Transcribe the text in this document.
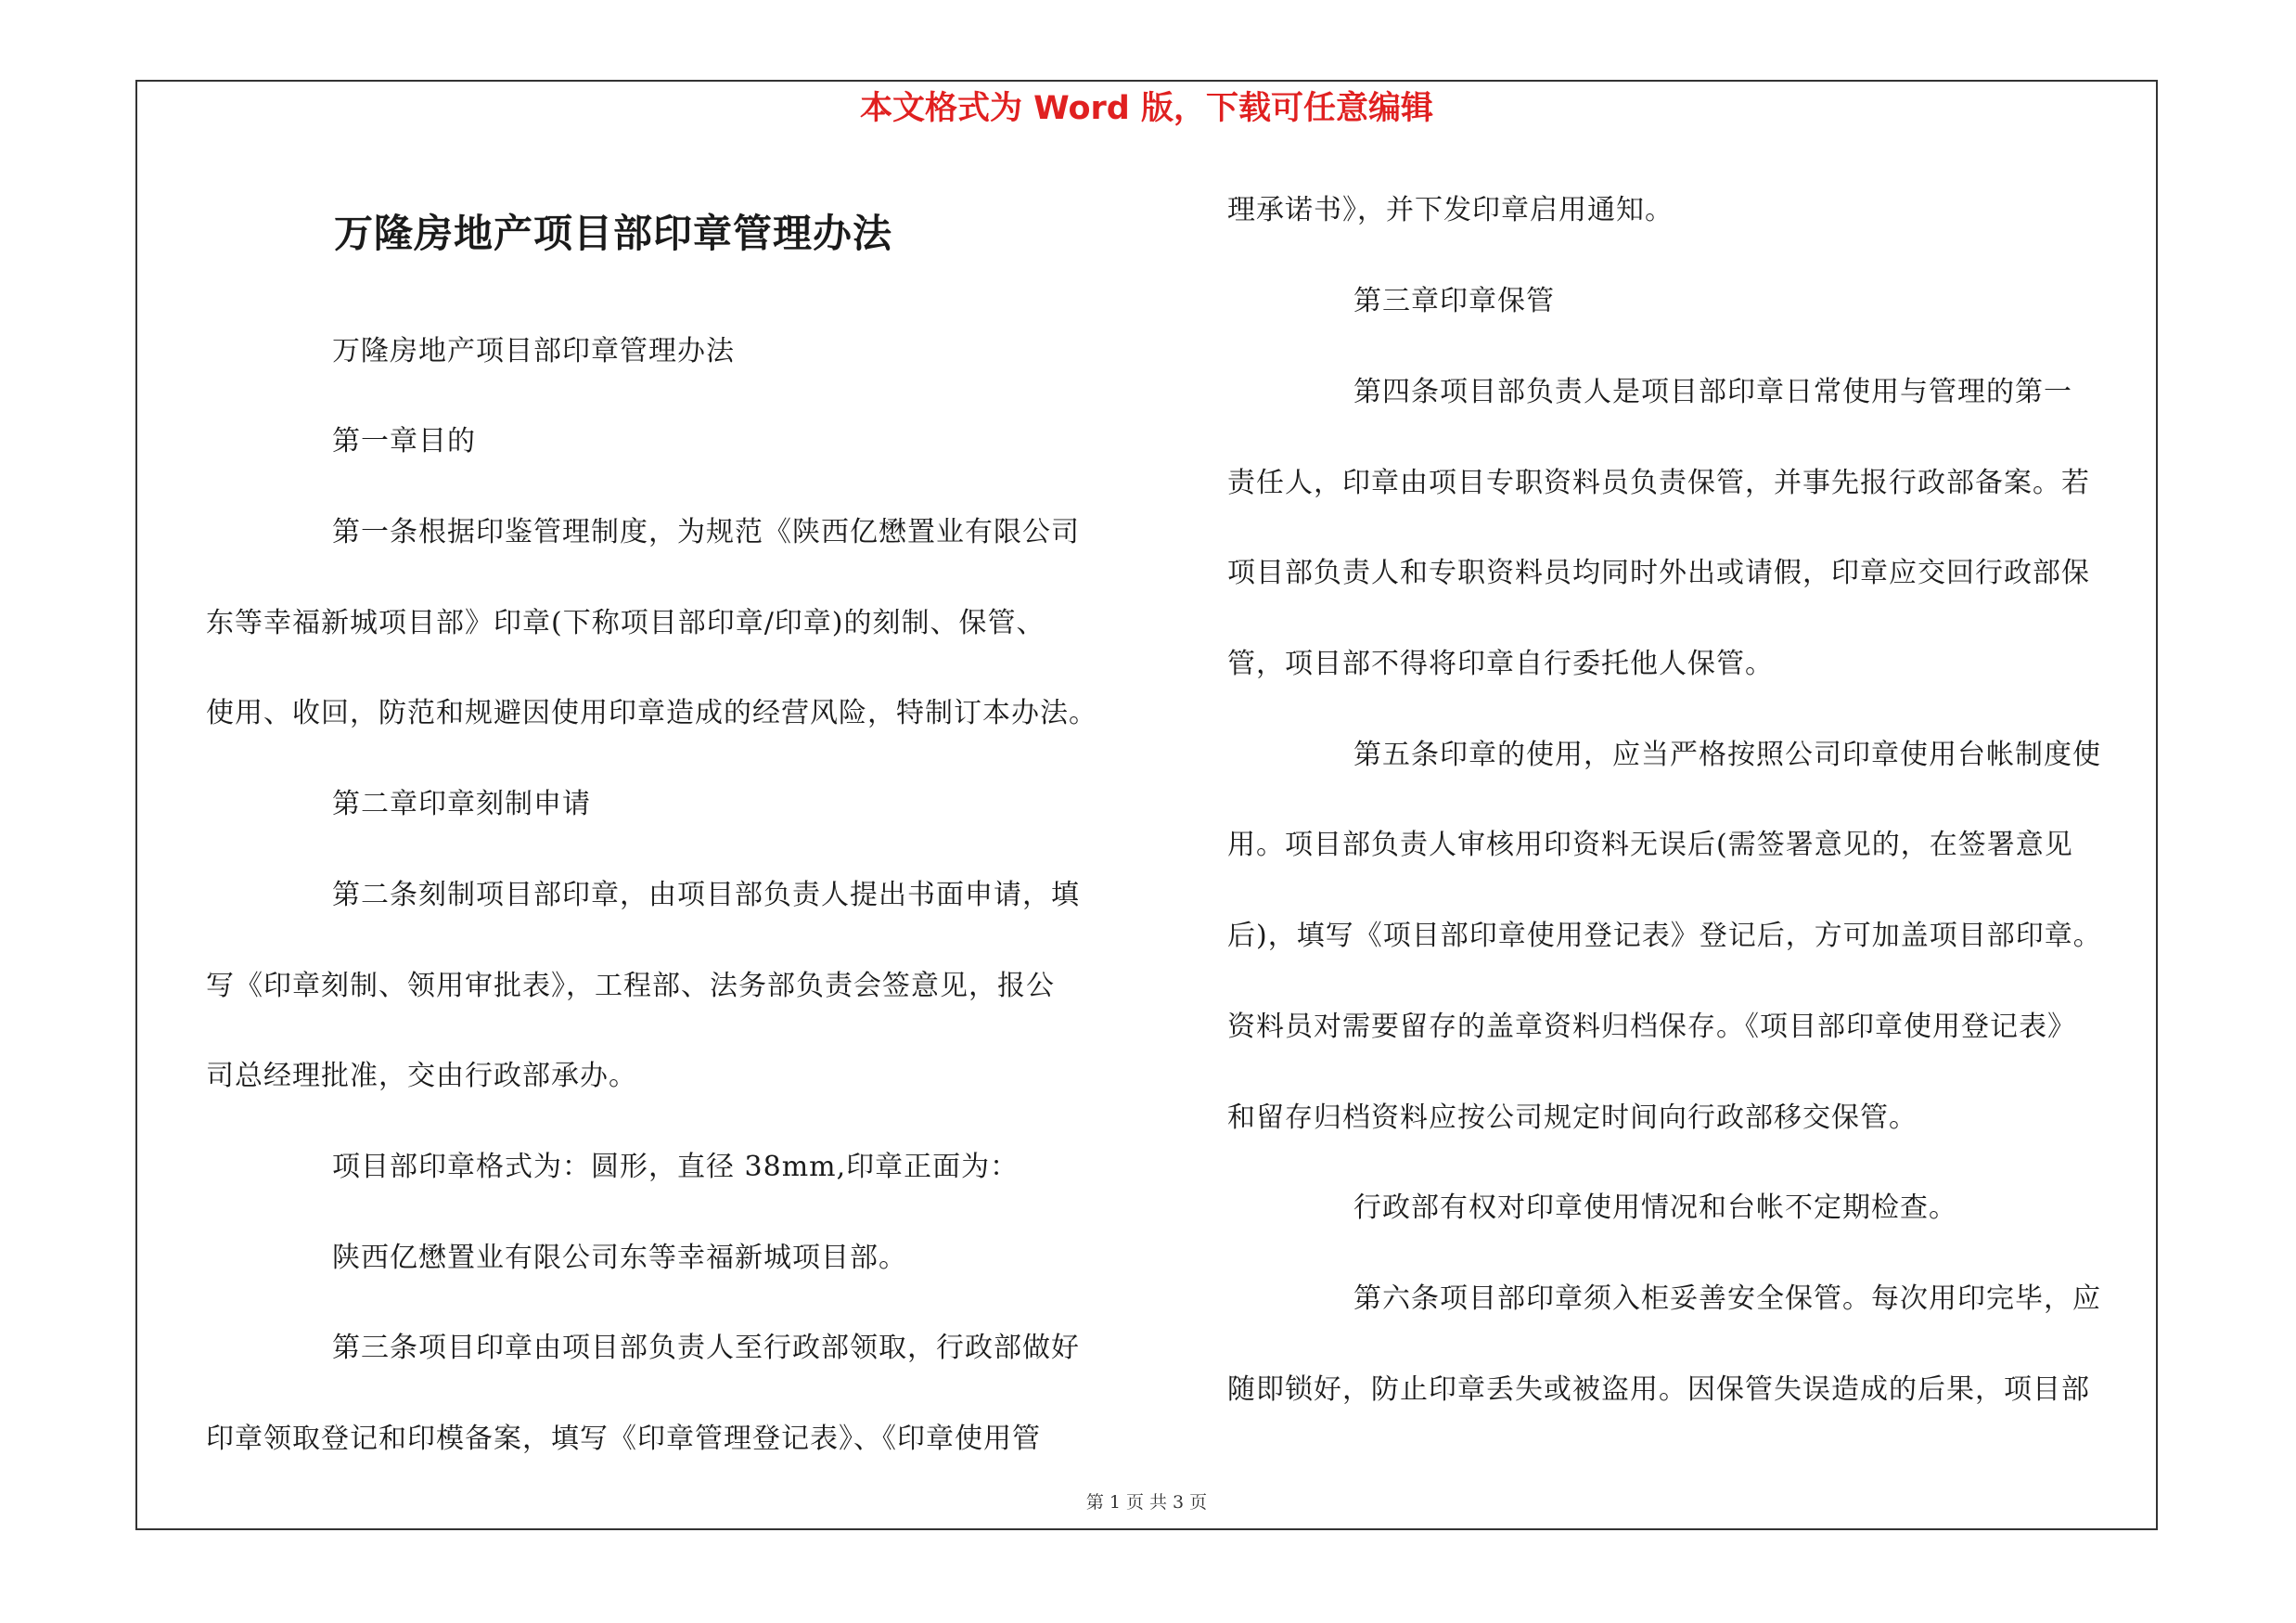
本文格式为 Word 版，下载可任意编辑
万隆房地产项目部印章管理办法
万隆房地产项目部印章管理办法
第一章目的
第一条根据印鉴管理制度，为规范《陕西亿懋置业有限公司
东等幸福新城项目部》印章(下称项目部印章/印章)的刻制、保管、
使用、收回，防范和规避因使用印章造成的经营风险，特制订本办法。
第二章印章刻制申请
第二条刻制项目部印章，由项目部负责人提出书面申请，填
写《印章刻制、领用审批表》，工程部、法务部负责会签意见，报公
司总经理批准，交由行政部承办。
项目部印章格式为：圆形，直径 38mm,印章正面为：
陕西亿懋置业有限公司东等幸福新城项目部。
第三条项目印章由项目部负责人至行政部领取，行政部做好
印章领取登记和印模备案，填写《印章管理登记表》、《印章使用管
理承诺书》，并下发印章启用通知。
第三章印章保管
第四条项目部负责人是项目部印章日常使用与管理的第一
责任人，印章由项目专职资料员负责保管，并事先报行政部备案。若
项目部负责人和专职资料员均同时外出或请假，印章应交回行政部保
管，项目部不得将印章自行委托他人保管。
第五条印章的使用，应当严格按照公司印章使用台帐制度使
用。项目部负责人审核用印资料无误后(需签署意见的，在签署意见
后)，填写《项目部印章使用登记表》登记后，方可加盖项目部印章。
资料员对需要留存的盖章资料归档保存。《项目部印章使用登记表》
和留存归档资料应按公司规定时间向行政部移交保管。
行政部有权对印章使用情况和台帐不定期检查。
第六条项目部印章须入柜妥善安全保管。每次用印完毕，应
随即锁好，防止印章丢失或被盗用。因保管失误造成的后果，项目部
第 1 页 共 3 页
